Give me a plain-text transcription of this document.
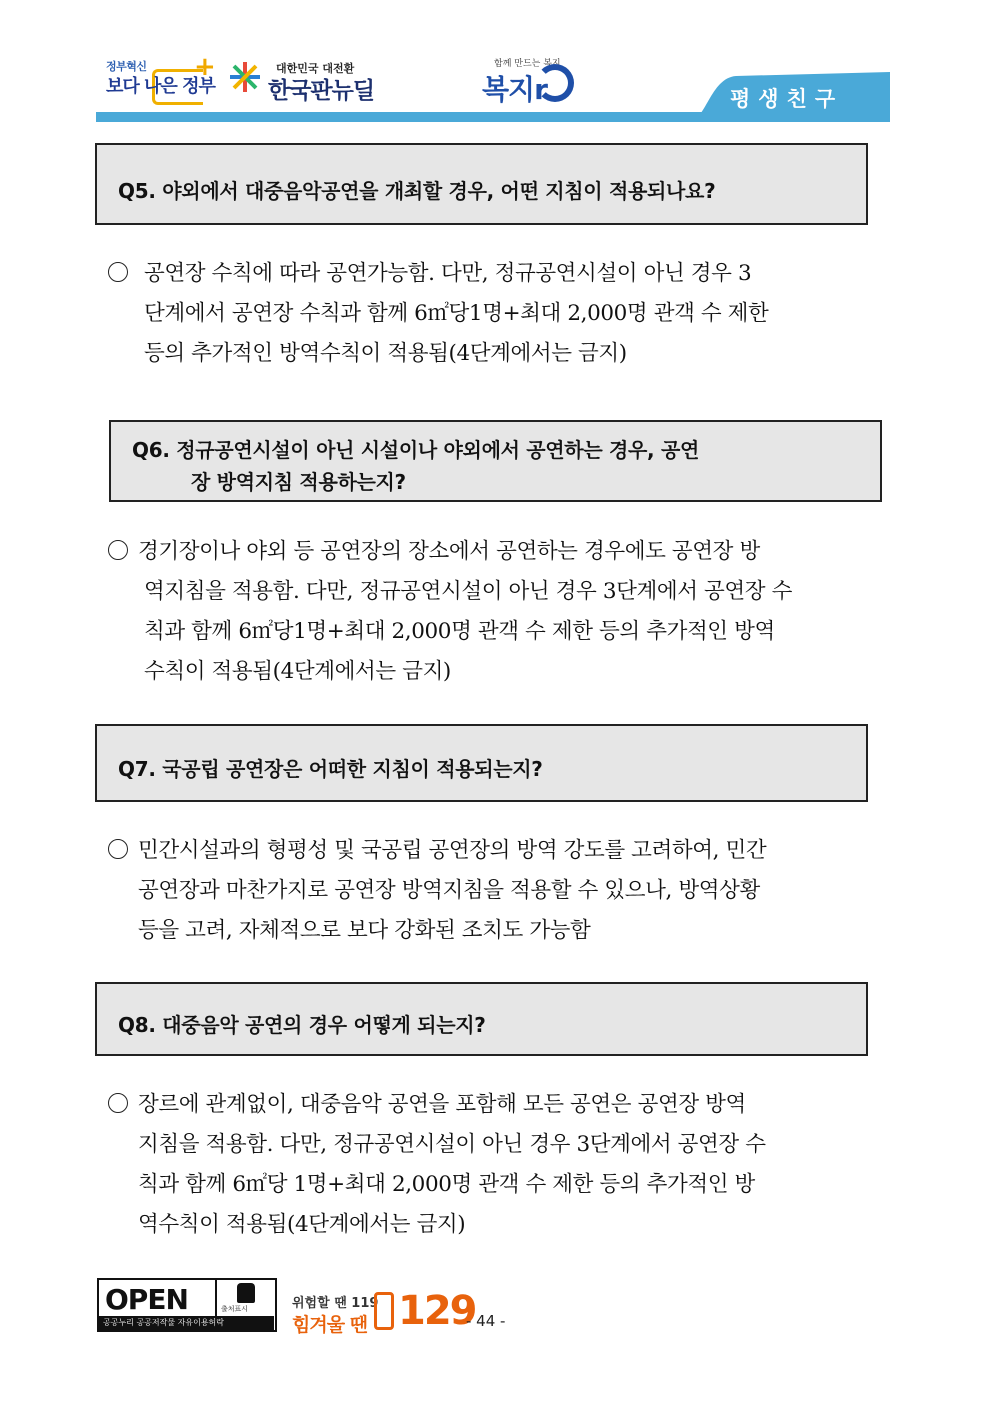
정부혁신 +
보다 나은 정부
대한민국 대전환
한국판뉴딜
함께 만드는 복지
복지r	평생친구
Q5. 야외에서 대중음악공연을 개최할 경우, 어떤 지침이 적용되나요?
공연장 수칙에 따라 공연가능함. 다만, 정규공연시설이 아닌 경우 3
단계에서 공연장 수칙과 함께 6㎡당1명+최대 2,000명 관객 수 제한
등의 추가적인 방역수칙이 적용됨(4단계에서는 금지)
Q6. 정규공연시설이 아닌 시설이나 야외에서 공연하는 경우, 공연
장 방역지침 적용하는지?
경기장이나 야외 등 공연장의 장소에서 공연하는 경우에도 공연장 방
역지침을 적용함. 다만, 정규공연시설이 아닌 경우 3단계에서 공연장 수
칙과 함께 6㎡당1명+최대 2,000명 관객 수 제한 등의 추가적인 방역
수칙이 적용됨(4단계에서는 금지)
Q7. 국공립 공연장은 어떠한 지침이 적용되는지?
민간시설과의 형평성 및 국공립 공연장의 방역 강도를 고려하여, 민간
공연장과 마찬가지로 공연장 방역지침을 적용할 수 있으나, 방역상황
등을 고려, 자체적으로 보다 강화된 조치도 가능함
Q8. 대중음악 공연의 경우 어떻게 되는지?
장르에 관계없이, 대중음악 공연을 포함해 모든 공연은 공연장 방역
지침을 적용함. 다만, 정규공연시설이 아닌 경우 3단계에서 공연장 수
칙과 함께 6㎡당 1명+최대 2,000명 관객 수 제한 등의 추가적인 방
역수칙이 적용됨(4단계에서는 금지)
OPEN	출처표시
공공누리 공공저작물 자유이용허락
위험할 땐 119
힘겨울 땐 129
- 44 -
